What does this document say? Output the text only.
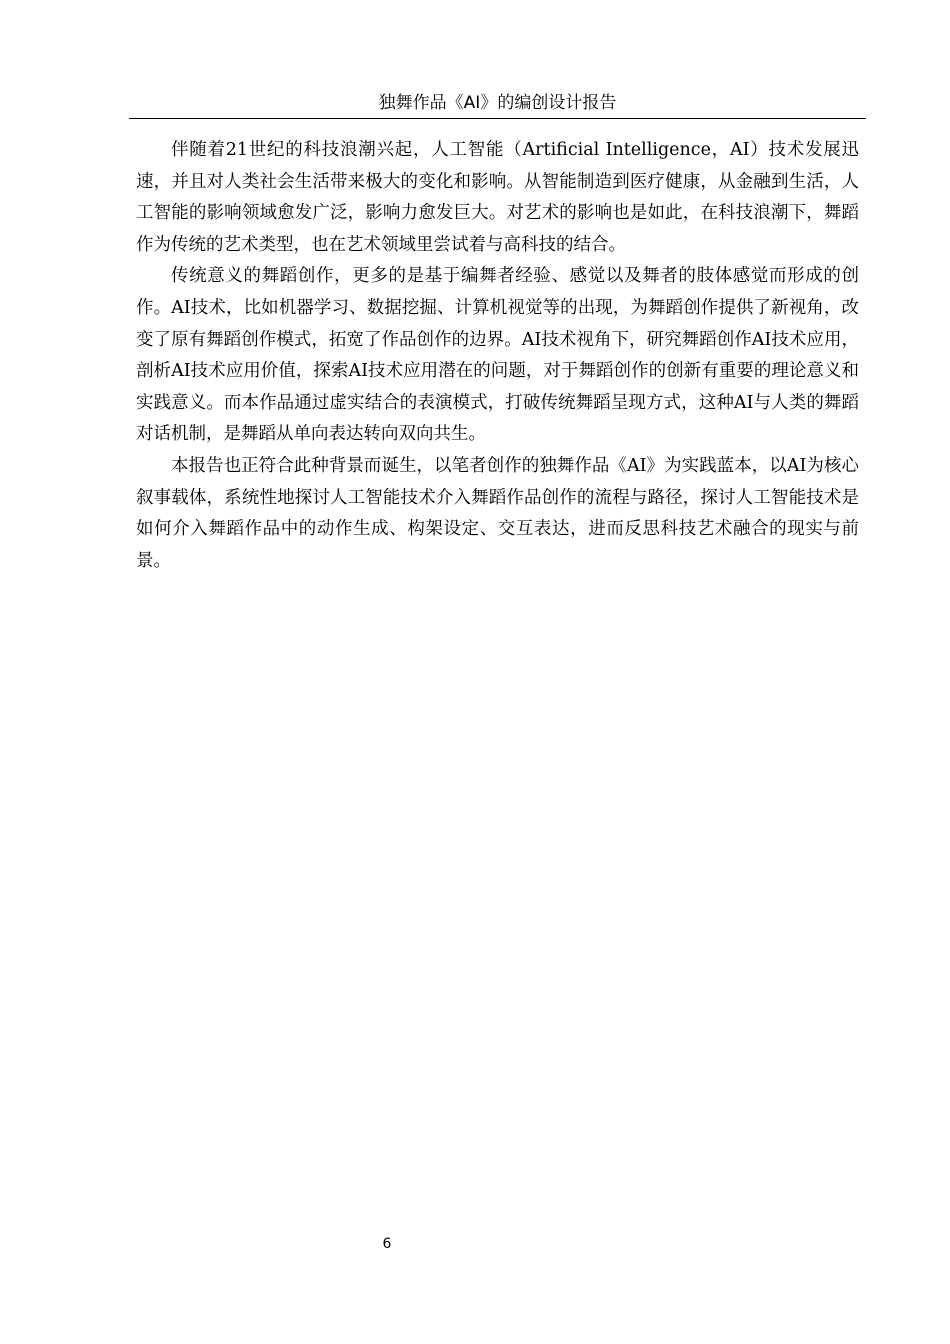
独舞作品《AI》的编创设计报告

伴随着21世纪的科技浪潮兴起，人工智能（Artificial Intelligence，AI）技术发展迅速，并且对人类社会生活带来极大的变化和影响。从智能制造到医疗健康，从金融到生活，人工智能的影响领域愈发广泛，影响力愈发巨大。对艺术的影响也是如此，在科技浪潮下，舞蹈作为传统的艺术类型，也在艺术领域里尝试着与高科技的结合。

传统意义的舞蹈创作，更多的是基于编舞者经验、感觉以及舞者的肢体感觉而形成的创作。AI技术，比如机器学习、数据挖掘、计算机视觉等的出现，为舞蹈创作提供了新视角，改变了原有舞蹈创作模式，拓宽了作品创作的边界。AI技术视角下，研究舞蹈创作AI技术应用，剖析AI技术应用价值，探索AI技术应用潜在的问题，对于舞蹈创作的创新有重要的理论意义和实践意义。而本作品通过虚实结合的表演模式，打破传统舞蹈呈现方式，这种AI与人类的舞蹈对话机制，是舞蹈从单向表达转向双向共生。

本报告也正符合此种背景而诞生，以笔者创作的独舞作品《AI》为实践蓝本，以AI为核心叙事载体，系统性地探讨人工智能技术介入舞蹈作品创作的流程与路径，探讨人工智能技术是如何介入舞蹈作品中的动作生成、构架设定、交互表达，进而反思科技艺术融合的现实与前景。

6
